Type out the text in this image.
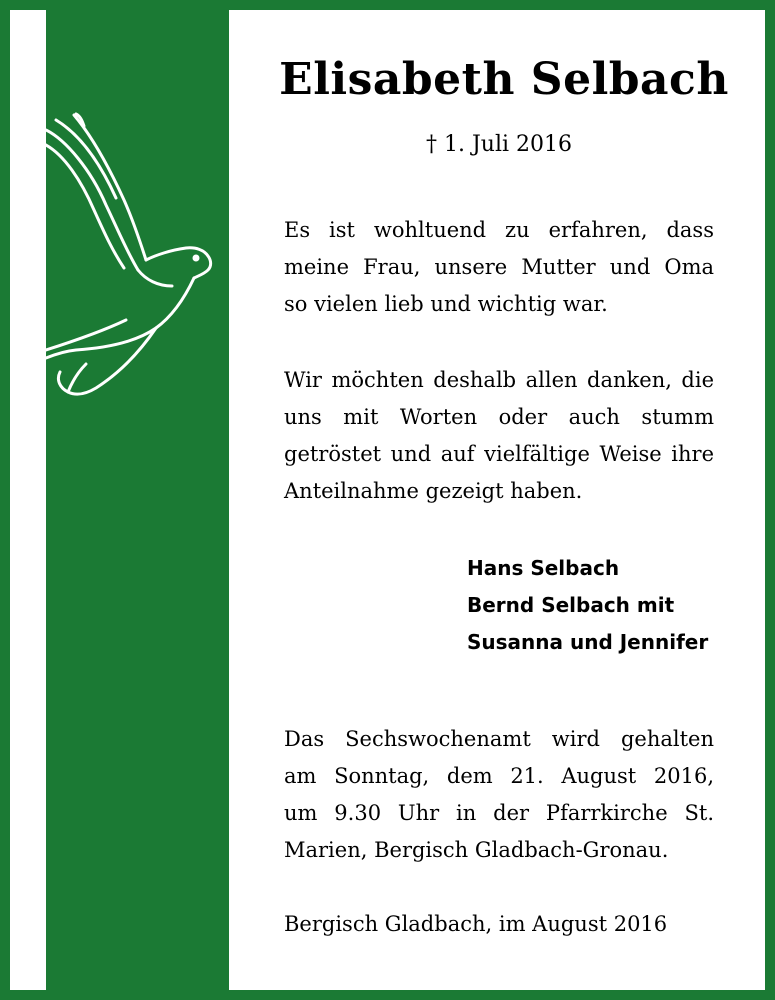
Elisabeth Selbach

† 1. Juli 2016

Es ist wohltuend zu erfahren, dass
meine Frau, unsere Mutter und Oma
so vielen lieb und wichtig war.

Wir möchten deshalb allen danken, die
uns mit Worten oder auch stumm
getröstet und auf vielfältige Weise ihre
Anteilnahme gezeigt haben.

Hans Selbach
Bernd Selbach mit
Susanna und Jennifer

Das Sechswochenamt wird gehalten
am Sonntag, dem 21. August 2016,
um 9.30 Uhr in der Pfarrkirche St.
Marien, Bergisch Gladbach-Gronau.

Bergisch Gladbach, im August 2016
